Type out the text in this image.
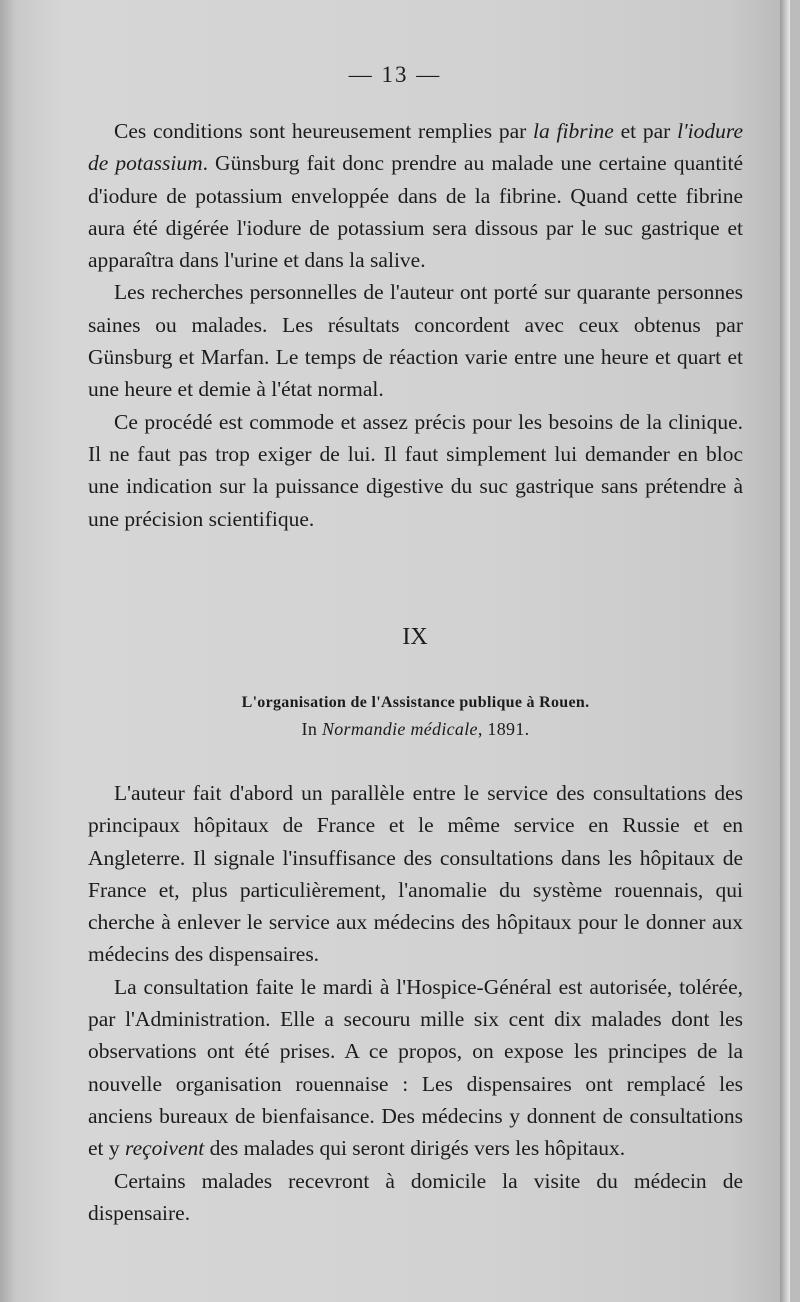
— 13 —

Ces conditions sont heureusement remplies par la fibrine et par l'iodure de potassium. Günsburg fait donc prendre au malade une certaine quantité d'iodure de potassium enveloppée dans de la fibrine. Quand cette fibrine aura été digérée l'iodure de potassium sera dissous par le suc gastrique et apparaîtra dans l'urine et dans la salive.

Les recherches personnelles de l'auteur ont porté sur quarante personnes saines ou malades. Les résultats concordent avec ceux obtenus par Günsburg et Marfan. Le temps de réaction varie entre une heure et quart et une heure et demie à l'état normal.

Ce procédé est commode et assez précis pour les besoins de la clinique. Il ne faut pas trop exiger de lui. Il faut simplement lui demander en bloc une indication sur la puissance digestive du suc gastrique sans prétendre à une précision scientifique.

IX
L'organisation de l'Assistance publique à Rouen.
In Normandie médicale, 1891.

L'auteur fait d'abord un parallèle entre le service des consultations des principaux hôpitaux de France et le même service en Russie et en Angleterre. Il signale l'insuffisance des consultations dans les hôpitaux de France et, plus particulièrement, l'anomalie du système rouennais, qui cherche à enlever le service aux médecins des hôpitaux pour le donner aux médecins des dispensaires.

La consultation faite le mardi à l'Hospice-Général est autorisée, tolérée, par l'Administration. Elle a secouru mille six cent dix malades dont les observations ont été prises. A ce propos, on expose les principes de la nouvelle organisation rouennaise : Les dispensaires ont remplacé les anciens bureaux de bienfaisance. Des médecins y donnent de consultations et y reçoivent des malades qui seront dirigés vers les hôpitaux.

Certains malades recevront à domicile la visite du médecin de dispensaire.
